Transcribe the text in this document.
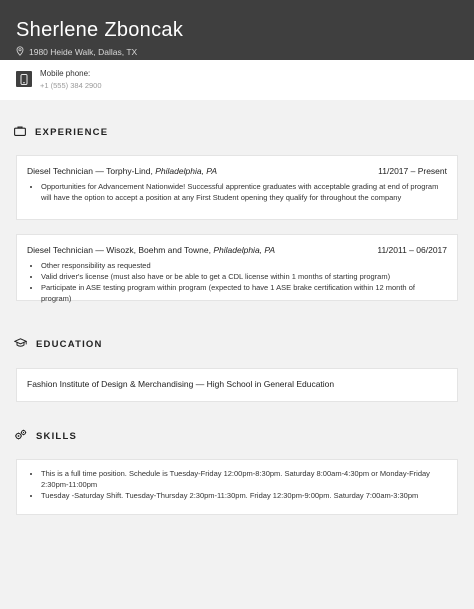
Sherlene Zboncak
1980 Heide Walk, Dallas, TX
Mobile phone:
+1 (555) 384 2900
EXPERIENCE
Diesel Technician — Torphy-Lind, Philadelphia, PA	11/2017 – Present
• Opportunities for Advancement Nationwide! Successful apprentice graduates with acceptable grading at end of program will have the option to accept a position at any First Student opening they qualify for throughout the company
Diesel Technician — Wisozk, Boehm and Towne, Philadelphia, PA	11/2011 – 06/2017
• Other responsibility as requested
• Valid driver's license (must also have or be able to get a CDL license within 1 months of starting program)
• Participate in ASE testing program within program (expected to have 1 ASE brake certification within 12 month of program)
EDUCATION
Fashion Institute of Design & Merchandising — High School in General Education
SKILLS
• This is a full time position. Schedule is Tuesday-Friday 12:00pm-8:30pm. Saturday 8:00am-4:30pm or Monday-Friday 2:30pm-11:00pm
• Tuesday -Saturday Shift. Tuesday-Thursday 2:30pm-11:30pm. Friday 12:30pm-9:00pm. Saturday 7:00am-3:30pm
